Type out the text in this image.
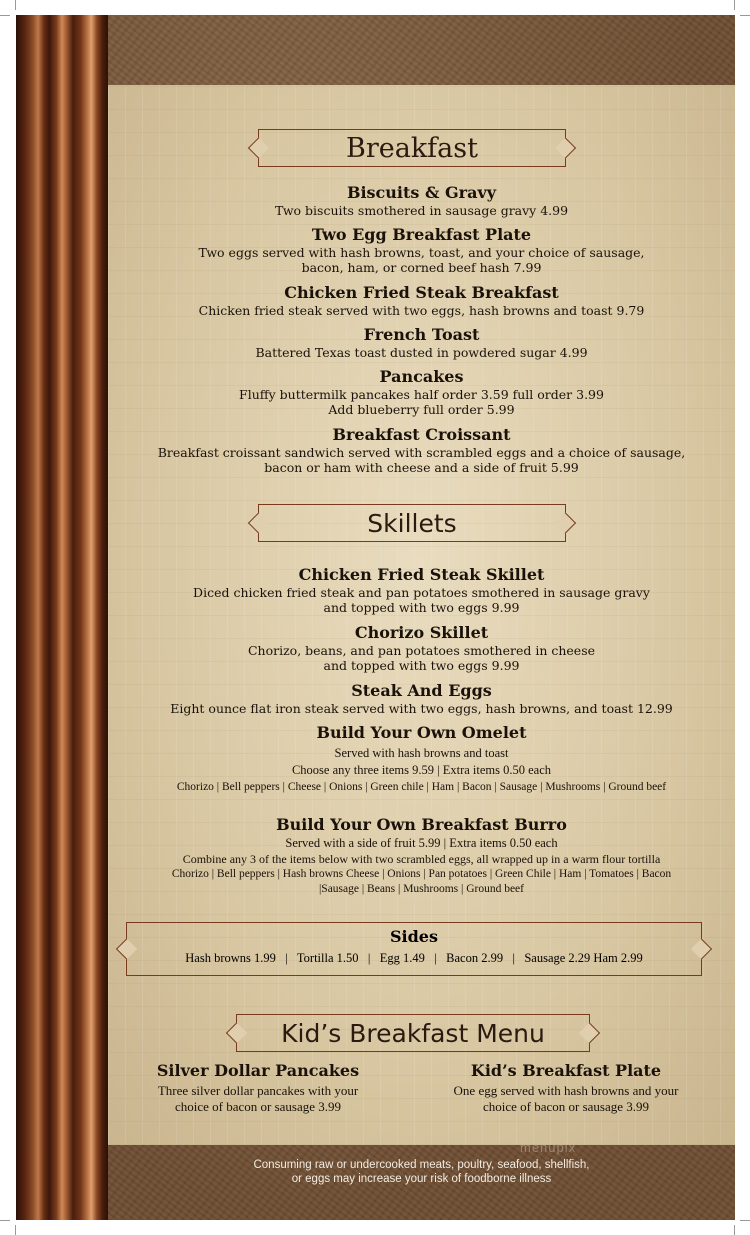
Breakfast

Biscuits & Gravy

Two biscuits smothered in sausage gravy 4.99

Two Egg Breakfast Plate

Two eggs served with hash browns, toast, and your choice of sausage,

bacon, ham, or corned beef hash 7.99

Chicken Fried Steak Breakfast

Chicken fried steak served with two eggs, hash browns and toast 9.79

French Toast

Battered Texas toast dusted in powdered sugar 4.99

Pancakes

Fluffy buttermilk pancakes half order 3.59 full order 3.99

Add blueberry full order 5.99

Breakfast Croissant

Breakfast croissant sandwich served with scrambled eggs and a choice of sausage,

bacon or ham with cheese and a side of fruit 5.99

Skillets

Chicken Fried Steak Skillet

Diced chicken fried steak and pan potatoes smothered in sausage gravy

and topped with two eggs 9.99

Chorizo Skillet

Chorizo, beans, and pan potatoes smothered in cheese

and topped with two eggs 9.99

Steak And Eggs

Eight ounce flat iron steak served with two eggs, hash browns, and toast 12.99

Build Your Own Omelet

Served with hash browns and toast

Choose any three items 9.59 | Extra items 0.50 each

Chorizo | Bell peppers | Cheese | Onions | Green chile | Ham | Bacon | Sausage | Mushrooms | Ground beef

Build Your Own Breakfast Burro

Served with a side of fruit 5.99 | Extra items 0.50 each

Combine any 3 of the items below with two scrambled eggs, all wrapped up in a warm flour tortilla

Chorizo | Bell peppers | Hash browns Cheese | Onions | Pan potatoes | Green Chile | Ham | Tomatoes | Bacon

|Sausage | Beans | Mushrooms | Ground beef

Sides

Hash browns 1.99   |   Tortilla 1.50   |   Egg 1.49   |   Bacon 2.99   |   Sausage 2.29 Ham 2.99

Kid’s Breakfast Menu

Silver Dollar Pancakes

Three silver dollar pancakes with your

choice of bacon or sausage 3.99

Kid’s Breakfast Plate

One egg served with hash browns and your

choice of bacon or sausage 3.99

menupix
Consuming raw or undercooked meats, poultry, seafood, shellfish,
or eggs may increase your risk of foodborne illness
